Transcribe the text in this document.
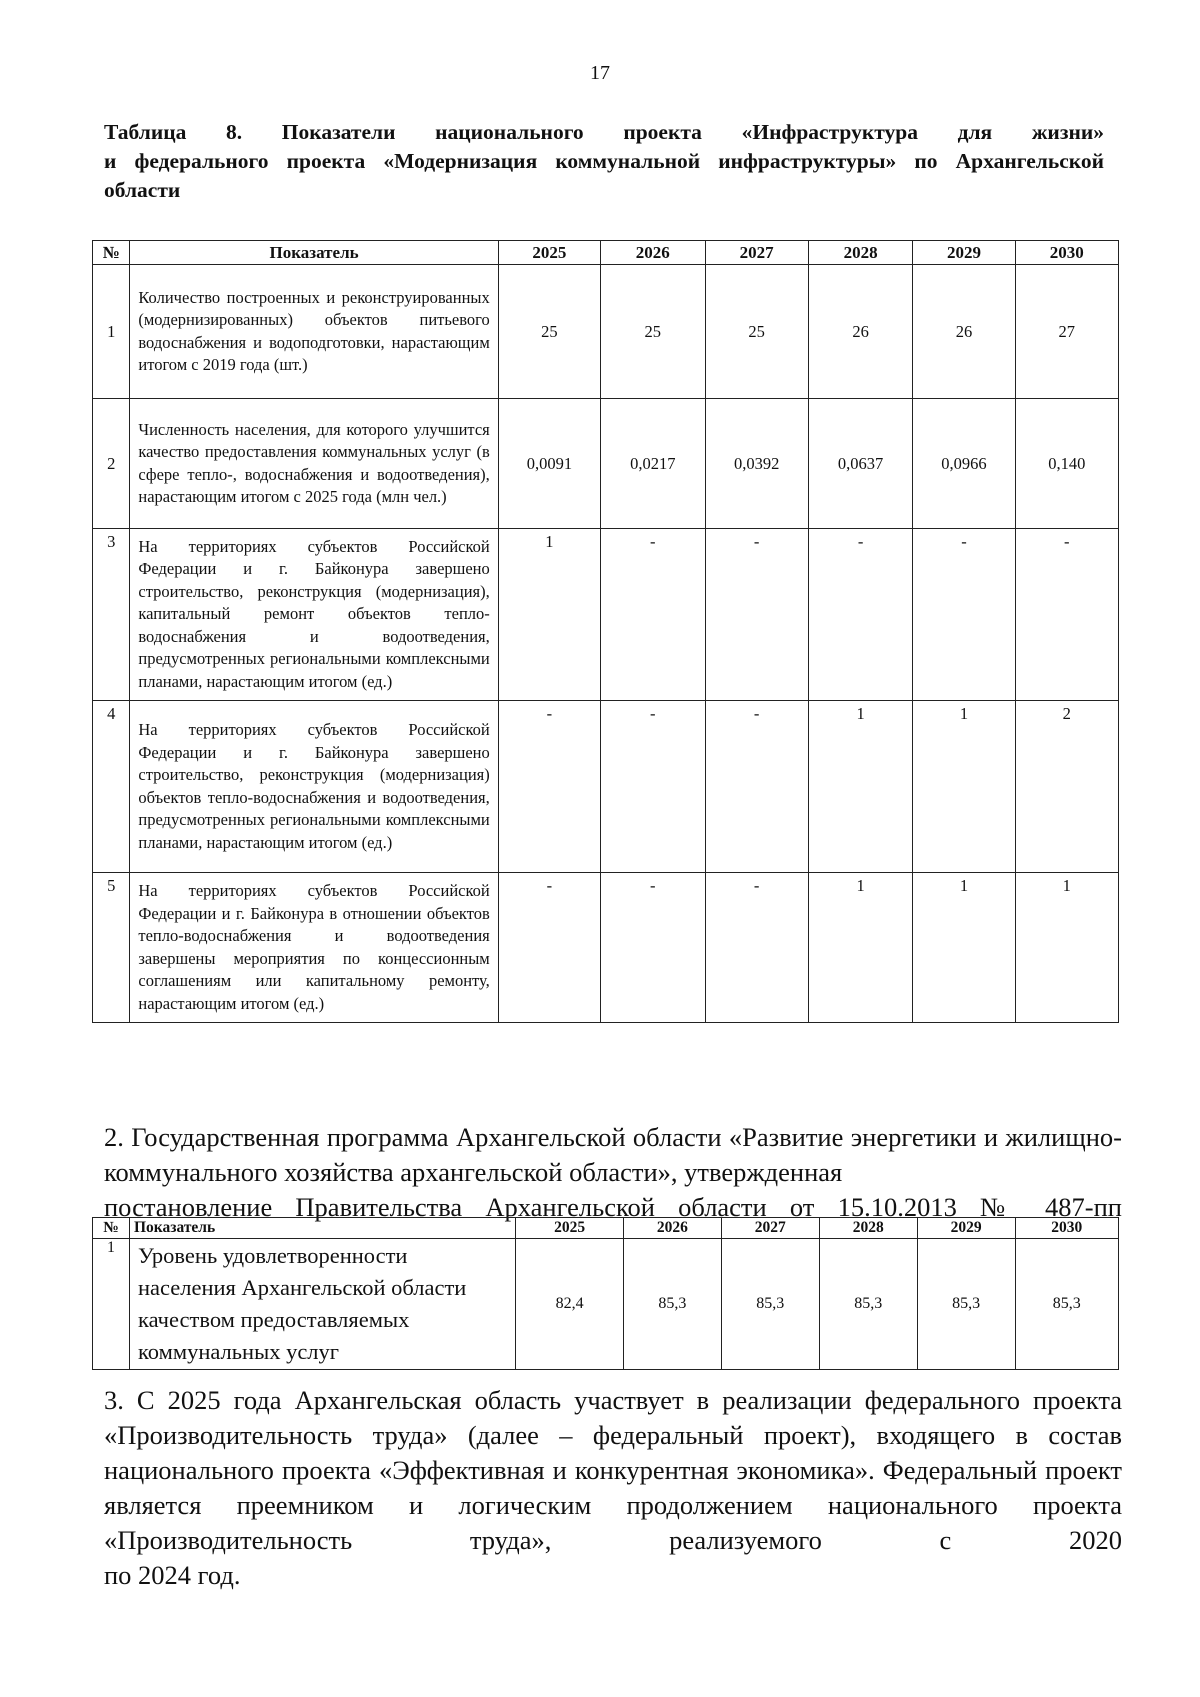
17
Таблица 8. Показатели национального проекта «Инфраструктура для жизни»
и федерального проекта «Модернизация коммунальной инфраструктуры» по Архангельской
области
№	Показатель	2025	2026	2027	2028	2029	2030
1	Количество построенных и реконструированных (модернизированных) объектов питьевого водоснабжения и водоподготовки, нарастающим итогом с 2019 года (шт.)	25	25	25	26	26	27
2	Численность населения, для которого улучшится качество предоставления коммунальных услуг (в сфере тепло-, водоснабжения и водоотведения), нарастающим итогом с 2025 года (млн чел.)	0,0091	0,0217	0,0392	0,0637	0,0966	0,140
3	На территориях субъектов Российской Федерации и г. Байконура завершено строительство, реконструкция (модернизация), капитальный ремонт объектов тепло-водоснабжения и водоотведения, предусмотренных региональными комплексными планами, нарастающим итогом (ед.)	1	-	-	-	-	-
4	На территориях субъектов Российской Федерации и г. Байконура завершено строительство, реконструкция (модернизация) объектов тепло-водоснабжения и водоотведения, предусмотренных региональными комплексными планами, нарастающим итогом (ед.)	-	-	-	1	1	2
5	На территориях субъектов Российской Федерации и г. Байконура в отношении объектов тепло-водоснабжения и водоотведения завершены мероприятия по концессионным соглашениям или капитальному ремонту, нарастающим итогом (ед.)	-	-	-	1	1	1
2. Государственная программа Архангельской области «Развитие энергетики и жилищно-коммунального хозяйства архангельской области», утвержденная
постановление Правительства Архангельской области от 15.10.2013 № 487-пп
№	Показатель	2025	2026	2027	2028	2029	2030
1	Уровень удовлетворенности населения Архангельской области качеством предоставляемых коммунальных услуг	82,4	85,3	85,3	85,3	85,3	85,3
3. С 2025 года Архангельская область участвует в реализации федерального проекта «Производительность труда» (далее – федеральный проект), входящего в состав национального проекта «Эффективная и конкурентная экономика». Федеральный проект является преемником и логическим продолжением национального проекта «Производительность труда», реализуемого с 2020
по 2024 год.
